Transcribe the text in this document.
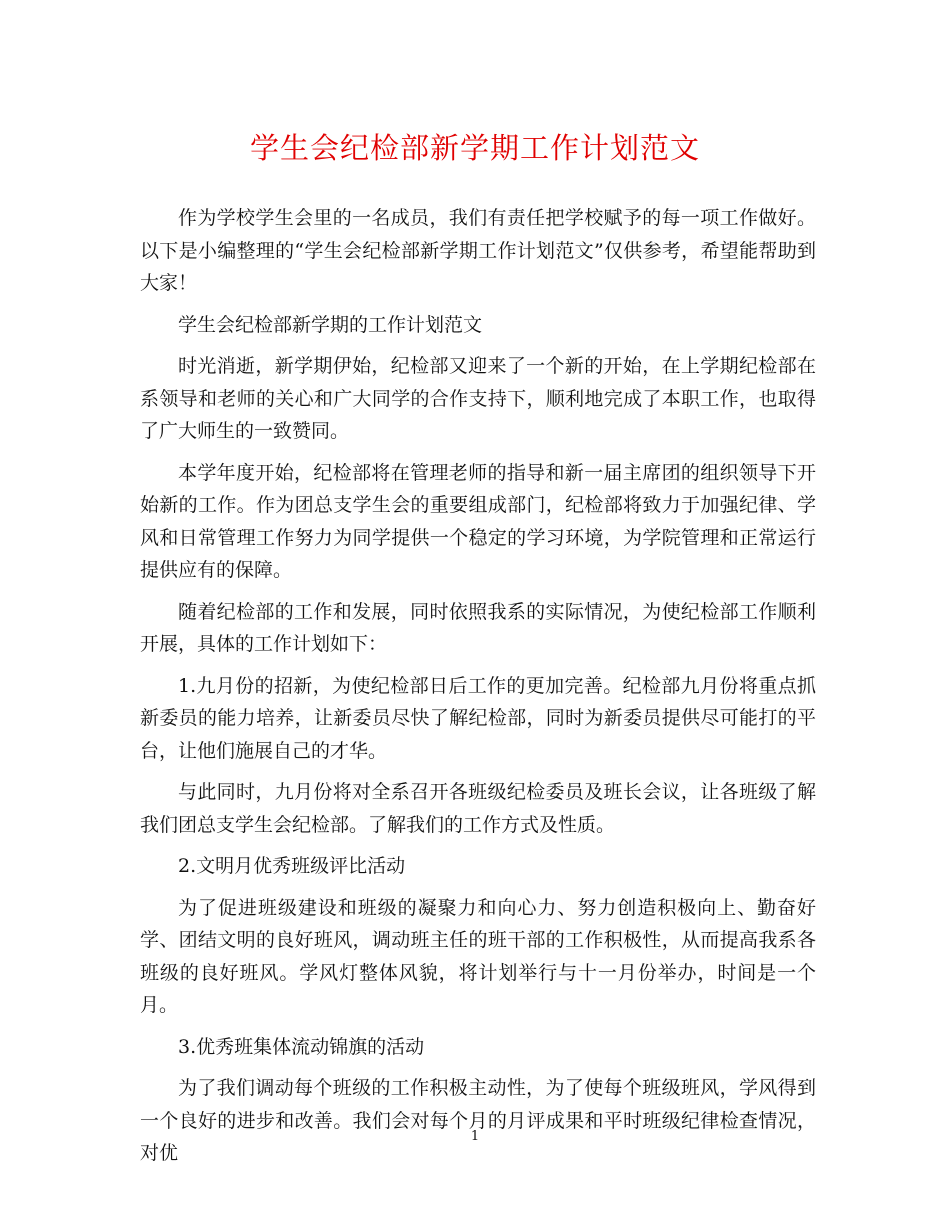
学生会纪检部新学期工作计划范文

作为学校学生会里的一名成员，我们有责任把学校赋予的每一项工作做好。以下是小编整理的“学生会纪检部新学期工作计划范文”仅供参考，希望能帮助到大家！

学生会纪检部新学期的工作计划范文

时光消逝，新学期伊始，纪检部又迎来了一个新的开始，在上学期纪检部在系领导和老师的关心和广大同学的合作支持下，顺利地完成了本职工作，也取得了广大师生的一致赞同。

本学年度开始，纪检部将在管理老师的指导和新一届主席团的组织领导下开始新的工作。作为团总支学生会的重要组成部门，纪检部将致力于加强纪律、学风和日常管理工作努力为同学提供一个稳定的学习环境，为学院管理和正常运行提供应有的保障。

随着纪检部的工作和发展，同时依照我系的实际情况，为使纪检部工作顺利开展，具体的工作计划如下：

1.九月份的招新，为使纪检部日后工作的更加完善。纪检部九月份将重点抓新委员的能力培养，让新委员尽快了解纪检部，同时为新委员提供尽可能打的平台，让他们施展自己的才华。

与此同时，九月份将对全系召开各班级纪检委员及班长会议，让各班级了解我们团总支学生会纪检部。了解我们的工作方式及性质。

2.文明月优秀班级评比活动

为了促进班级建设和班级的凝聚力和向心力、努力创造积极向上、勤奋好学、团结文明的良好班风，调动班主任的班干部的工作积极性，从而提高我系各班级的良好班风。学风灯整体风貌，将计划举行与十一月份举办，时间是一个月。

3.优秀班集体流动锦旗的活动

为了我们调动每个班级的工作积极主动性，为了使每个班级班风，学风得到一个良好的进步和改善。我们会对每个月的月评成果和平时班级纪律检查情况，对优

1
